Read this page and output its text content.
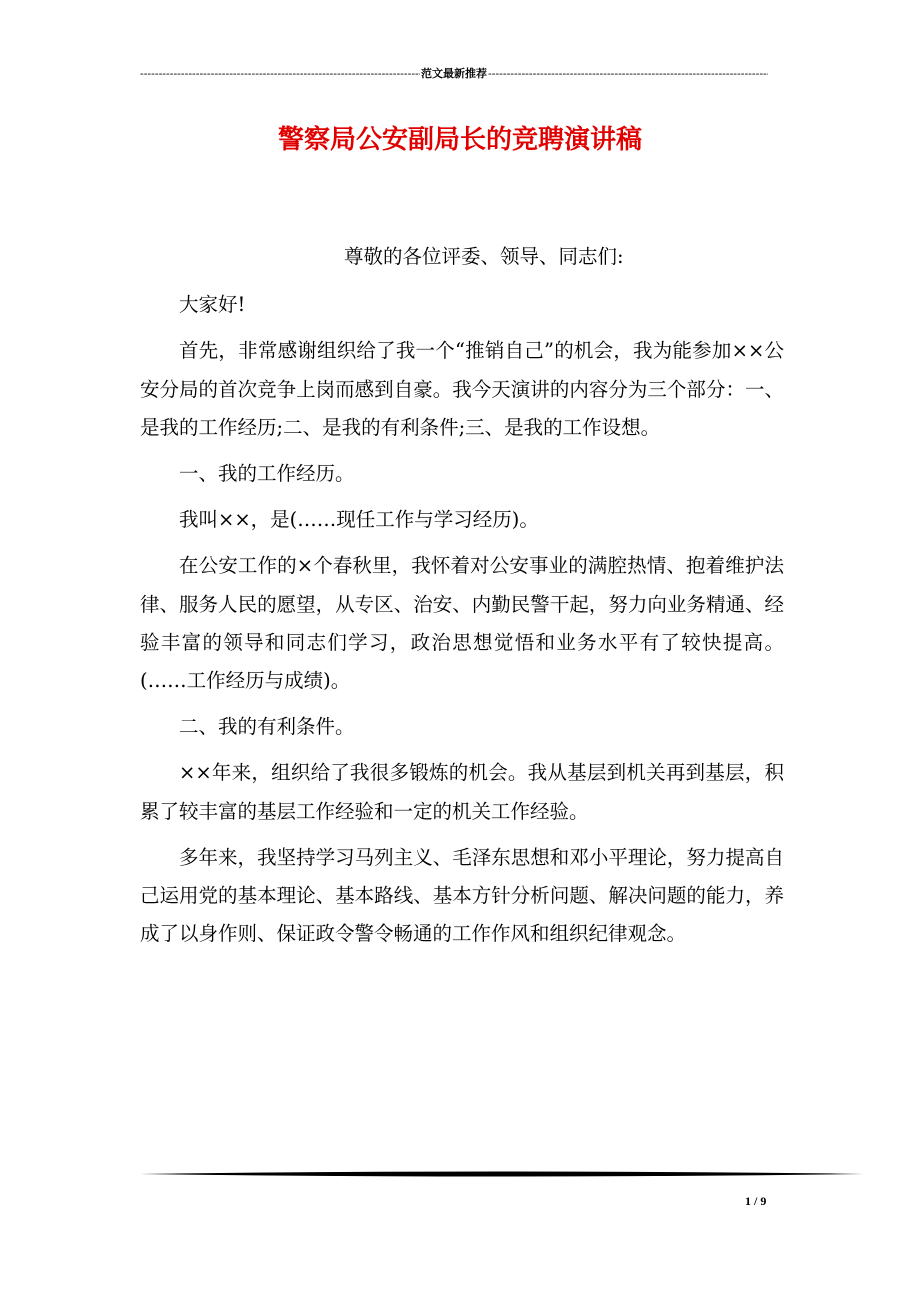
-----
范文最新推荐
-----
警察局公安副局长的竞聘演讲稿

尊敬的各位评委、领导、同志们:

大家好!

首先，非常感谢组织给了我一个“推销自己”的机会，我为能参加××公安分局的首次竞争上岗而感到自豪。我今天演讲的内容分为三个部分：一、是我的工作经历;二、是我的有利条件;三、是我的工作设想。

一、我的工作经历。

我叫××，是(……现任工作与学习经历)。

在公安工作的×个春秋里，我怀着对公安事业的满腔热情、抱着维护法律、服务人民的愿望，从专区、治安、内勤民警干起，努力向业务精通、经验丰富的领导和同志们学习，政治思想觉悟和业务水平有了较快提高。(……工作经历与成绩)。

二、我的有利条件。

××年来，组织给了我很多锻炼的机会。我从基层到机关再到基层，积累了较丰富的基层工作经验和一定的机关工作经验。

多年来，我坚持学习马列主义、毛泽东思想和邓小平理论，努力提高自己运用党的基本理论、基本路线、基本方针分析问题、解决问题的能力，养成了以身作则、保证政令警令畅通的工作作风和组织纪律观念。

1 / 9
